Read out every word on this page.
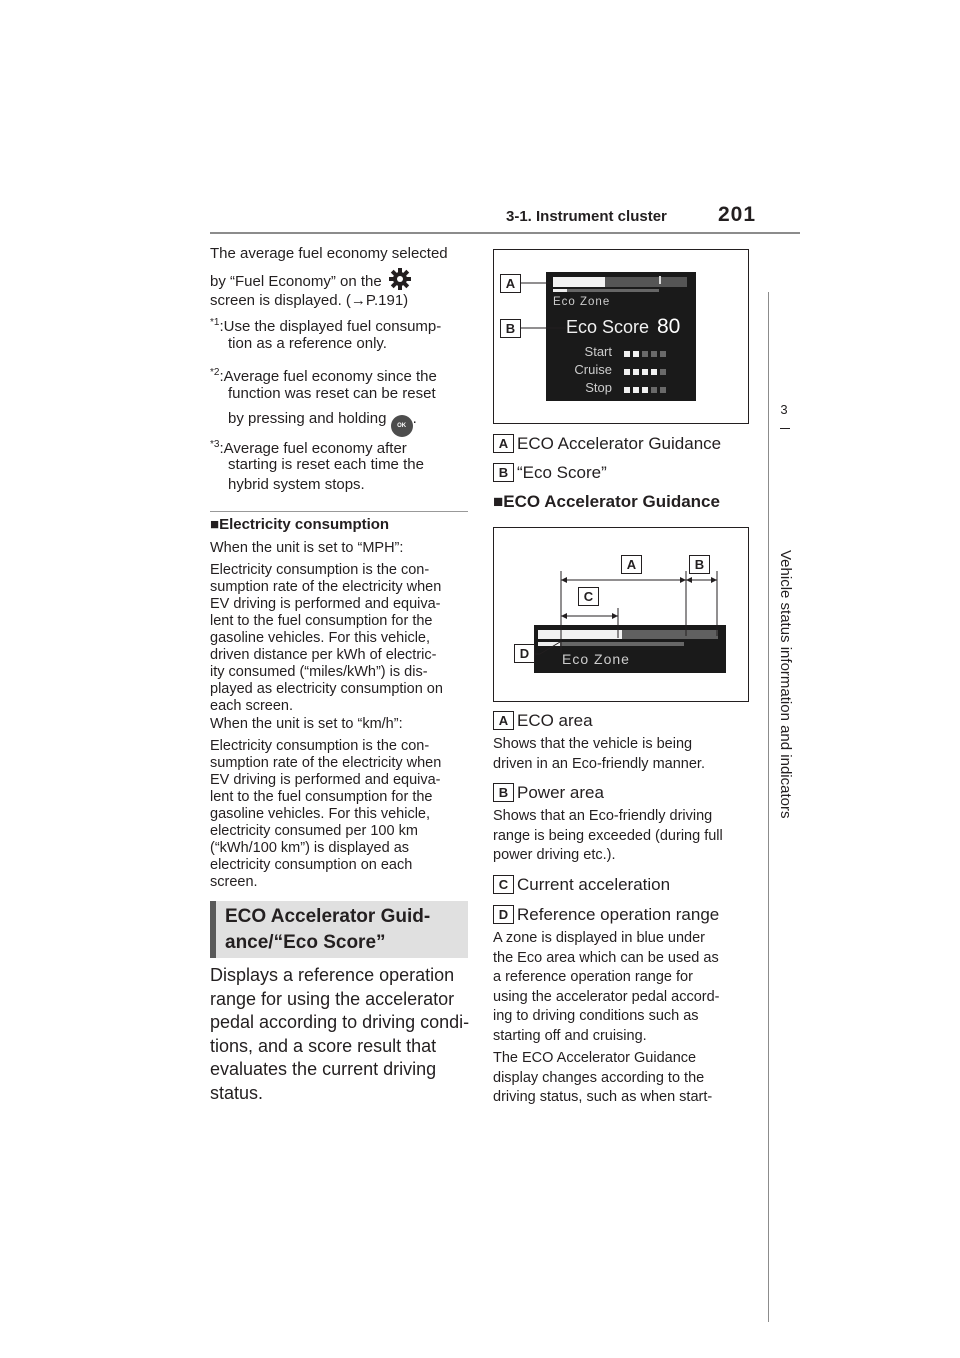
3-1. Instrument cluster 201
3
Vehicle status information and indicators
The average fuel economy selected
by “Fuel Economy” on the
screen is displayed. (→P.191)
$^{*1}$:Use the displayed fuel consump-
tion as a reference only.
$^{*2}$:Average fuel economy since the
function was reset can be reset
by pressing and holding OK .
$^{*3}$:Average fuel economy after
starting is reset each time the
hybrid system stops.
■Electricity consumption
When the unit is set to “MPH”:
Electricity consumption is the con-
sumption rate of the electricity when
EV driving is performed and equiva-
lent to the fuel consumption for the
gasoline vehicles. For this vehicle,
driven distance per kWh of electric-
ity consumed (“miles/kWh”) is dis-
played as electricity consumption on
each screen.
When the unit is set to “km/h”:
Electricity consumption is the con-
sumption rate of the electricity when
EV driving is performed and equiva-
lent to the fuel consumption for the
gasoline vehicles. For this vehicle,
electricity consumed per 100 km
(“kWh/100 km”) is displayed as
electricity consumption on each
screen.
ECO Accelerator Guid-
ance/“Eco Score”
Displays a reference operation
range for using the accelerator
pedal according to driving condi-
tions, and a score result that
evaluates the current driving
status.
Eco Zone
Eco Score 80
Start
Cruise
Stop
A
B
A ECO Accelerator Guidance
B “Eco Score”
■ECO Accelerator Guidance
Eco Zone
A	B
C
D
A ECO area
Shows that the vehicle is being
driven in an Eco-friendly manner.
B Power area
Shows that an Eco-friendly driving
range is being exceeded (during full
power driving etc.).
C Current acceleration
D Reference operation range
A zone is displayed in blue under
the Eco area which can be used as
a reference operation range for
using the accelerator pedal accord-
ing to driving conditions such as
starting off and cruising.
The ECO Accelerator Guidance
display changes according to the
driving status, such as when start-
